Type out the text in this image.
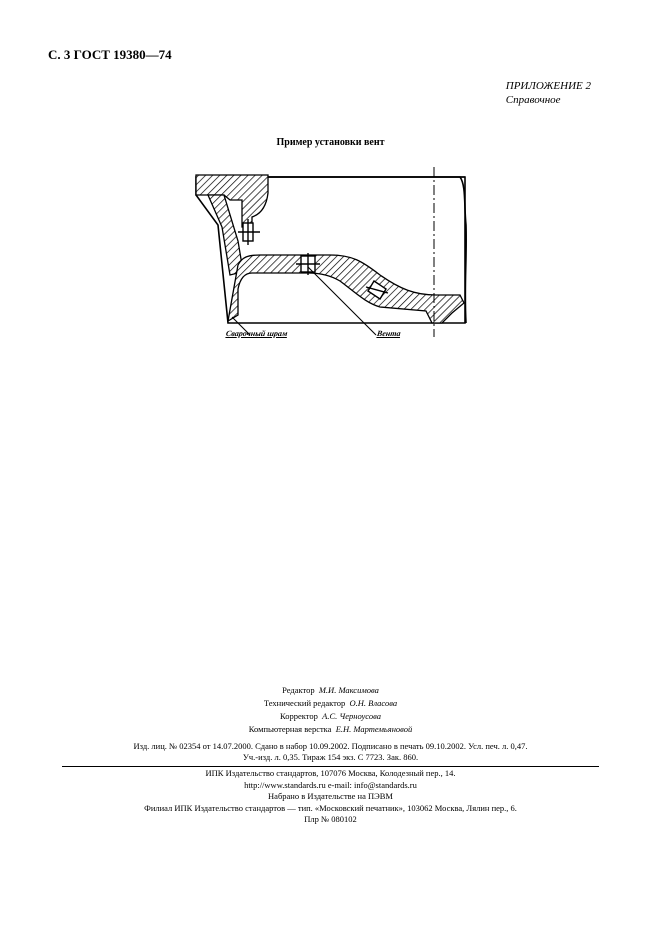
С. 3 ГОСТ 19380—74
ПРИЛОЖЕНИЕ 2
Справочное
Пример установки вент
Сварочный шрам	Вента
Редактор М.И. Максимова
Технический редактор О.Н. Власова
Корректор А.С. Черноусова
Компьютерная верстка Е.Н. Мартемьяновой
Изд. лиц. № 02354 от 14.07.2000. Сдано в набор 10.09.2002. Подписано в печать 09.10.2002. Усл. печ. л. 0,47.
Уч.-изд. л. 0,35. Тираж 154 экз. С 7723. Зак. 860.
ИПК Издательство стандартов, 107076 Москва, Колодезный пер., 14.
http://www.standards.ru e-mail: info@standards.ru
Набрано в Издательстве на ПЭВМ
Филиал ИПК Издательство стандартов — тип. «Московский печатник», 103062 Москва, Лялин пер., 6.
Плр № 080102
